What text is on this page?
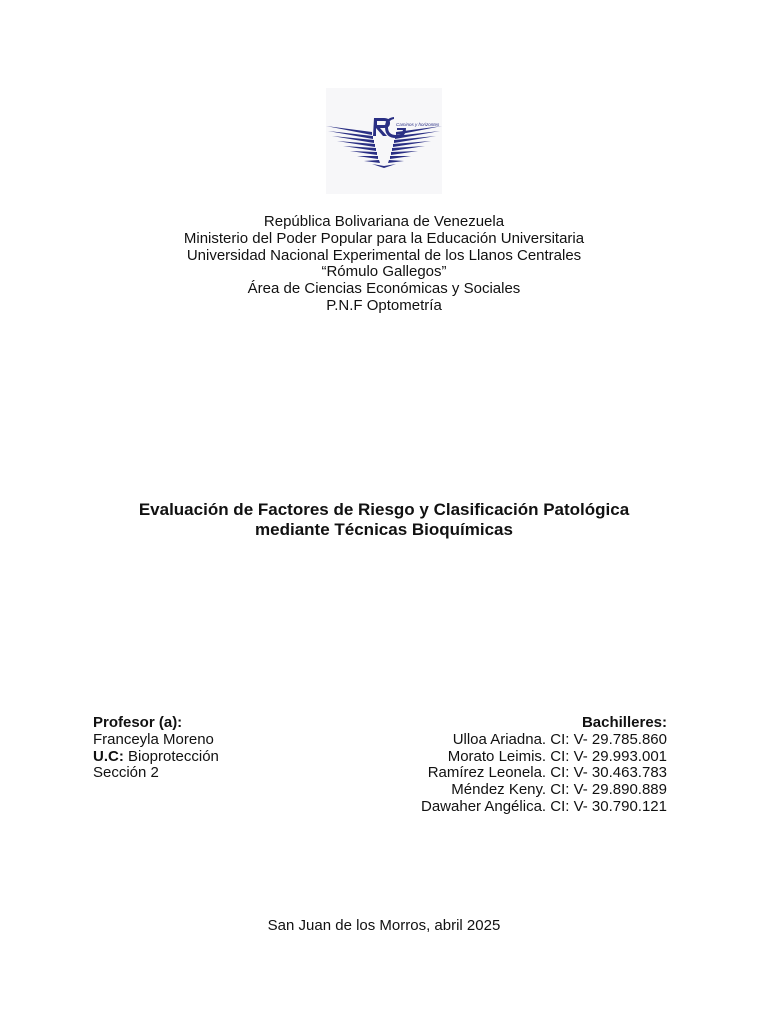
Caminos y horizontes
República Bolivariana de Venezuela
Ministerio del Poder Popular para la Educación Universitaria
Universidad Nacional Experimental de los Llanos Centrales
“Rómulo Gallegos”
Área de Ciencias Económicas y Sociales
P.N.F Optometría
Evaluación de Factores de Riesgo y Clasificación Patológica
mediante Técnicas Bioquímicas
Profesor (a):
Franceyla Moreno
U.C: Bioprotección
Sección 2
Bachilleres:
Ulloa Ariadna. CI: V- 29.785.860
Morato Leimis. CI: V- 29.993.001
Ramírez Leonela. CI: V- 30.463.783
Méndez Keny. CI: V- 29.890.889
Dawaher Angélica. CI: V- 30.790.121
San Juan de los Morros, abril 2025
